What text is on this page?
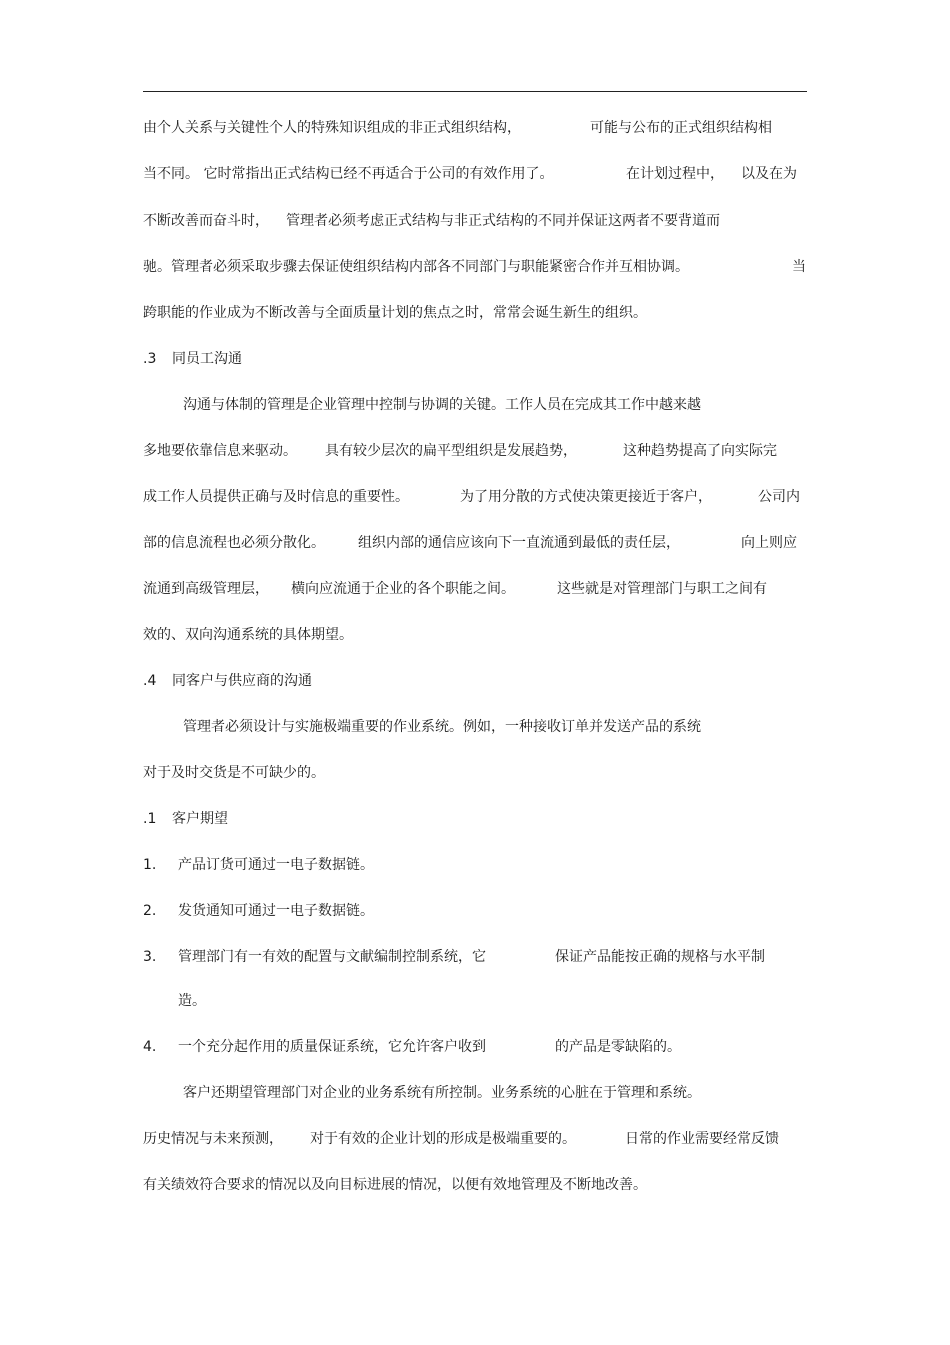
由个人关系与关键性个人的特殊知识组成的非正式组织结构，	可能与公布的正式组织结构相
当不同。 它时常指出正式结构已经不再适合于公司的有效作用了。	在计划过程中， 以及在为
不断改善而奋斗时， 管理者必须考虑正式结构与非正式结构的不同并保证这两者不要背道而
驰。管理者必须采取步骤去保证使组织结构内部各不同部门与职能紧密合作并互相协调。	当
跨职能的作业成为不断改善与全面质量计划的焦点之时，常常会诞生新生的组织。
.3 同员工沟通
沟通与体制的管理是企业管理中控制与协调的关键。工作人员在完成其工作中越来越
多地要依靠信息来驱动。 具有较少层次的扁平型组织是发展趋势，	这种趋势提高了向实际完
成工作人员提供正确与及时信息的重要性。	为了用分散的方式使决策更接近于客户，	公司内
部的信息流程也必须分散化。 组织内部的通信应该向下一直流通到最低的责任层，	向上则应
流通到高级管理层， 横向应流通于企业的各个职能之间。	这些就是对管理部门与职工之间有
效的、双向沟通系统的具体期望。
.4 同客户与供应商的沟通
管理者必须设计与实施极端重要的作业系统。例如，一种接收订单并发送产品的系统
对于及时交货是不可缺少的。
.1 客户期望
1. 产品订货可通过一电子数据链。
2. 发货通知可通过一电子数据链。
3. 管理部门有一有效的配置与文献编制控制系统，它	保证产品能按正确的规格与水平制
造。
4. 一个充分起作用的质量保证系统，它允许客户收到	的产品是零缺陷的。
客户还期望管理部门对企业的业务系统有所控制。业务系统的心脏在于管理和系统。
历史情况与未来预测， 对于有效的企业计划的形成是极端重要的。	日常的作业需要经常反馈
有关绩效符合要求的情况以及向目标进展的情况，以便有效地管理及不断地改善。
